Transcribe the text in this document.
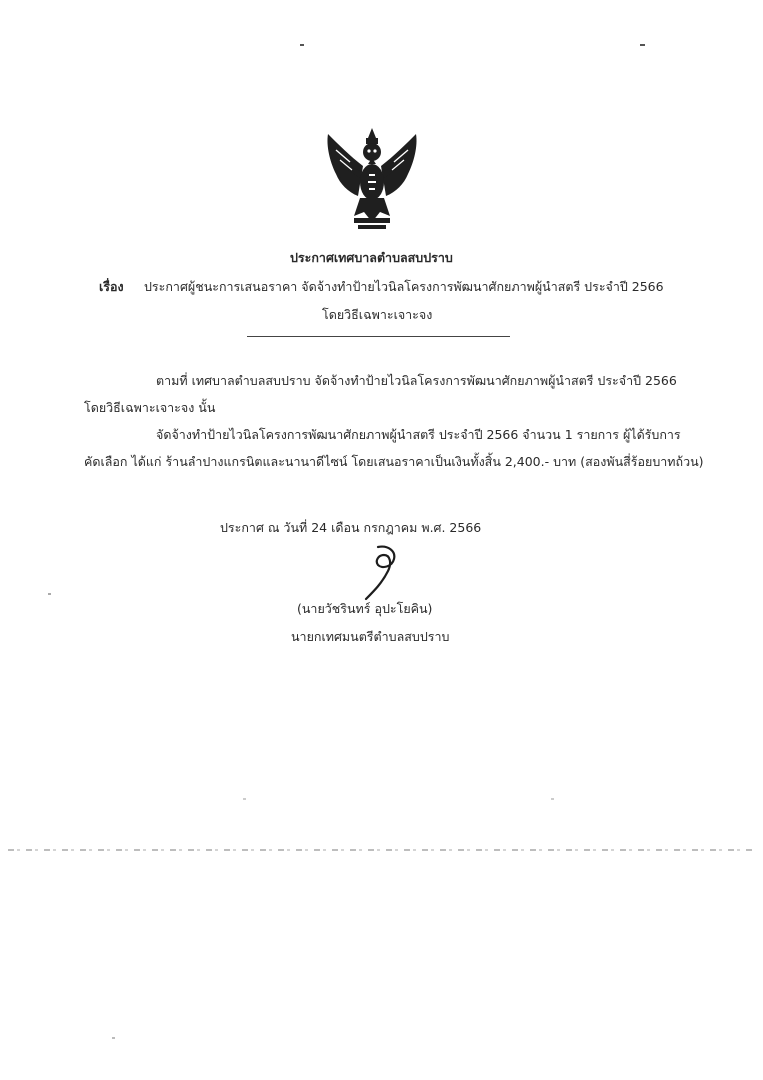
ประกาศเทศบาลตำบลสบปราบ
เรื่อง ประกาศผู้ชนะการเสนอราคา จัดจ้างทำป้ายไวนิลโครงการพัฒนาศักยภาพผู้นำสตรี ประจำปี 2566
โดยวิธีเฉพาะเจาะจง
ตามที่ เทศบาลตำบลสบปราบ จัดจ้างทำป้ายไวนิลโครงการพัฒนาศักยภาพผู้นำสตรี ประจำปี 2566
โดยวิธีเฉพาะเจาะจง นั้น
จัดจ้างทำป้ายไวนิลโครงการพัฒนาศักยภาพผู้นำสตรี ประจำปี 2566 จำนวน 1 รายการ ผู้ได้รับการ
คัดเลือก ได้แก่ ร้านลำปางแกรนิตและนานาดีไซน์ โดยเสนอราคาเป็นเงินทั้งสิ้น 2,400.- บาท (สองพันสี่ร้อยบาทถ้วน)
ประกาศ ณ วันที่ 24 เดือน กรกฎาคม พ.ศ. 2566
(นายวัชรินทร์ อุปะโยคิน)
นายกเทศมนตรีตำบลสบปราบ
